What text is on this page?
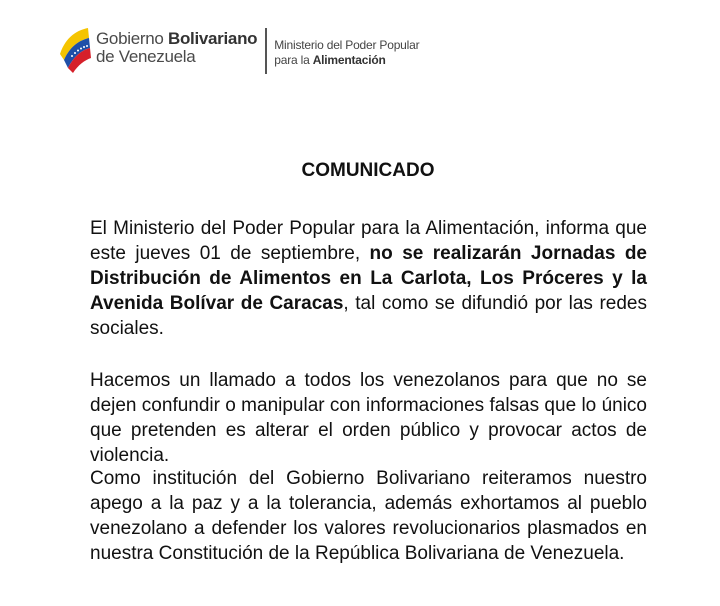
Gobierno Bolivariano
de Venezuela
Ministerio del Poder Popular
para la Alimentación
COMUNICADO
El Ministerio del Poder Popular para la Alimentación, informa que este jueves 01 de septiembre, no se realizarán Jornadas de Distribución de Alimentos en La Carlota, Los Próceres y la Avenida Bolívar de Caracas, tal como se difundió por las redes sociales.
Hacemos un llamado a todos los venezolanos para que no se dejen confundir o manipular con informaciones falsas que lo único que pretenden es alterar el orden público y provocar actos de violencia.
Como institución del Gobierno Bolivariano reiteramos nuestro apego a la paz y a la tolerancia, además exhortamos al pueblo venezolano a defender los valores revolucionarios plasmados en nuestra Constitución de la República Bolivariana de Venezuela.
